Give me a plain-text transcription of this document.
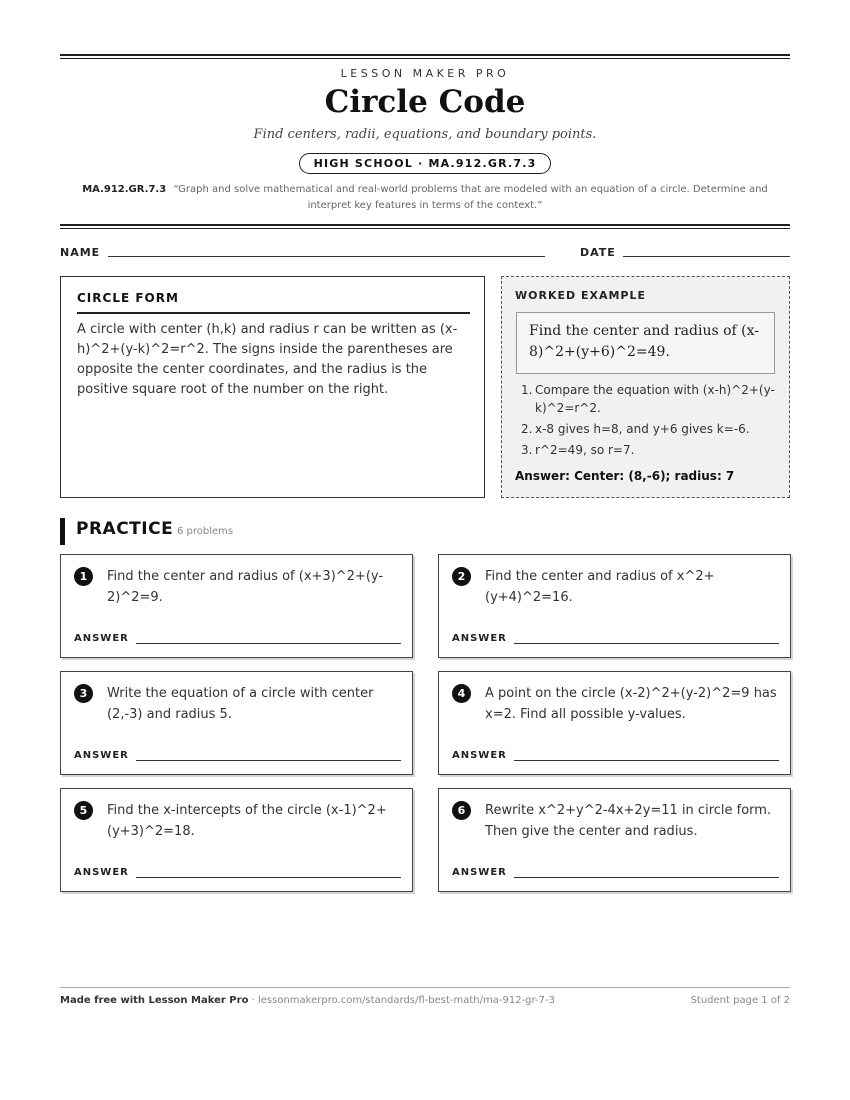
LESSON MAKER PRO
Circle Code
Find centers, radii, equations, and boundary points.
HIGH SCHOOL · MA.912.GR.7.3
MA.912.GR.7.3 “Graph and solve mathematical and real-world problems that are modeled with an equation of a circle. Determine and interpret key features in terms of the context.”
NAME	DATE
CIRCLE FORM
A circle with center (h,k) and radius r can be written as (x-h)^2+(y-k)^2=r^2. The signs inside the parentheses are opposite the center coordinates, and the radius is the positive square root of the number on the right.
WORKED EXAMPLE
Find the center and radius of (x-8)^2+(y+6)^2=49.
1. Compare the equation with (x-h)^2+(y-k)^2=r^2.
2. x-8 gives h=8, and y+6 gives k=-6.
3. r^2=49, so r=7.
Answer: Center: (8,-6); radius: 7
PRACTICE 6 problems
1	Find the center and radius of (x+3)^2+(y-2)^2=9.
ANSWER
2	Find the center and radius of x^2+(y+4)^2=16.
ANSWER
3	Write the equation of a circle with center (2,-3) and radius 5.
ANSWER
4	A point on the circle (x-2)^2+(y-2)^2=9 has x=2. Find all possible y-values.
ANSWER
5	Find the x-intercepts of the circle (x-1)^2+(y+3)^2=18.
ANSWER
6	Rewrite x^2+y^2-4x+2y=11 in circle form. Then give the center and radius.
ANSWER
Made free with Lesson Maker Pro · lessonmakerpro.com/standards/fl-best-math/ma-912-gr-7-3	Student page 1 of 2
